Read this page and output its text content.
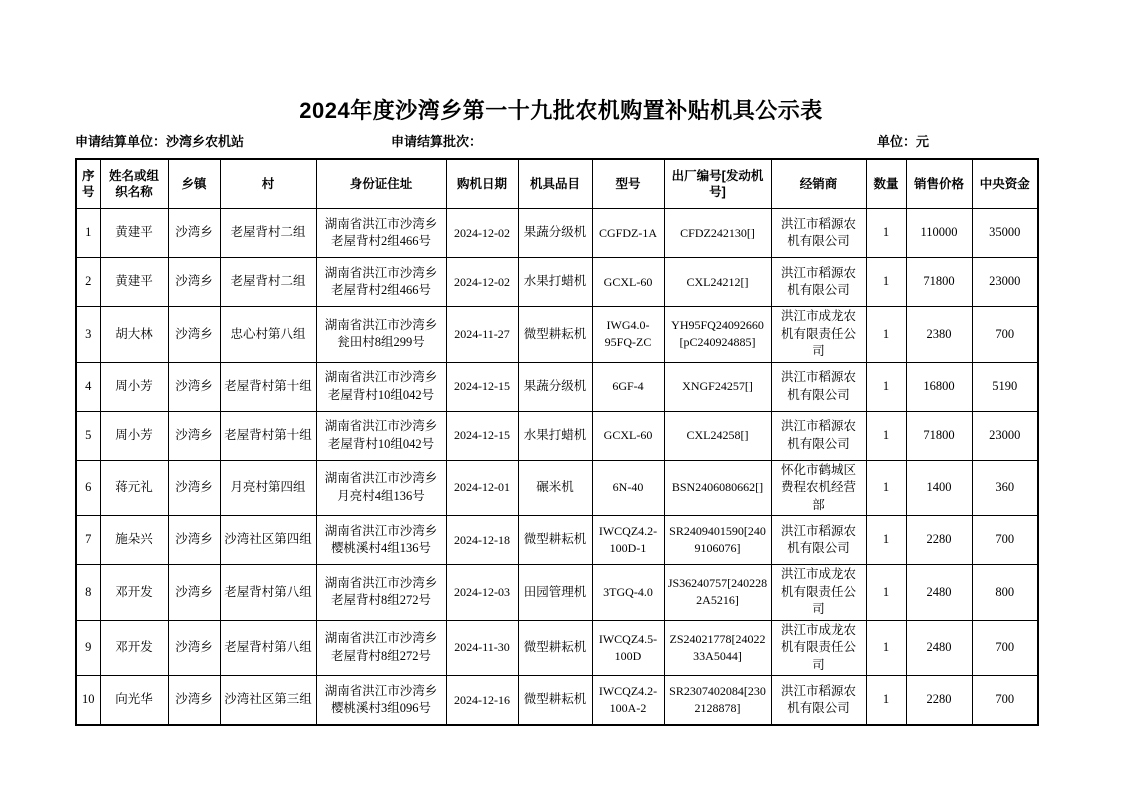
2024年度沙湾乡第一十九批农机购置补贴机具公示表
申请结算单位：沙湾乡农机站	申请结算批次：	单位：元
序号	姓名或组织名称	乡镇	村	身份证住址	购机日期	机具品目	型号	出厂编号[发动机号]	经销商	数量	销售价格	中央资金
1	黄建平	沙湾乡	老屋背村二组	湖南省洪江市沙湾乡老屋背村2组466号	2024-12-02	果蔬分级机	CGFDZ-1A	CFDZ242130[]	洪江市稻源农机有限公司	1	110000	35000
2	黄建平	沙湾乡	老屋背村二组	湖南省洪江市沙湾乡老屋背村2组466号	2024-12-02	水果打蜡机	GCXL-60	CXL24212[]	洪江市稻源农机有限公司	1	71800	23000
3	胡大林	沙湾乡	忠心村第八组	湖南省洪江市沙湾乡瓮田村8组299号	2024-11-27	微型耕耘机	IWG4.0-95FQ-ZC	YH95FQ24092660[pC240924885]	洪江市成龙农机有限责任公司	1	2380	700
4	周小芳	沙湾乡	老屋背村第十组	湖南省洪江市沙湾乡老屋背村10组042号	2024-12-15	果蔬分级机	6GF-4	XNGF24257[]	洪江市稻源农机有限公司	1	16800	5190
5	周小芳	沙湾乡	老屋背村第十组	湖南省洪江市沙湾乡老屋背村10组042号	2024-12-15	水果打蜡机	GCXL-60	CXL24258[]	洪江市稻源农机有限公司	1	71800	23000
6	蒋元礼	沙湾乡	月亮村第四组	湖南省洪江市沙湾乡月亮村4组136号	2024-12-01	碾米机	6N-40	BSN2406080662[]	怀化市鹤城区费程农机经营部	1	1400	360
7	施朵兴	沙湾乡	沙湾社区第四组	湖南省洪江市沙湾乡樱桃溪村4组136号	2024-12-18	微型耕耘机	IWCQZ4.2-100D-1	SR2409401590[2409106076]	洪江市稻源农机有限公司	1	2280	700
8	邓开发	沙湾乡	老屋背村第八组	湖南省洪江市沙湾乡老屋背村8组272号	2024-12-03	田园管理机	3TGQ-4.0	JS36240757[2402282A5216]	洪江市成龙农机有限责任公司	1	2480	800
9	邓开发	沙湾乡	老屋背村第八组	湖南省洪江市沙湾乡老屋背村8组272号	2024-11-30	微型耕耘机	IWCQZ4.5-100D	ZS24021778[2402233A5044]	洪江市成龙农机有限责任公司	1	2480	700
10	向光华	沙湾乡	沙湾社区第三组	湖南省洪江市沙湾乡樱桃溪村3组096号	2024-12-16	微型耕耘机	IWCQZ4.2-100A-2	SR2307402084[2302128878]	洪江市稻源农机有限公司	1	2280	700
